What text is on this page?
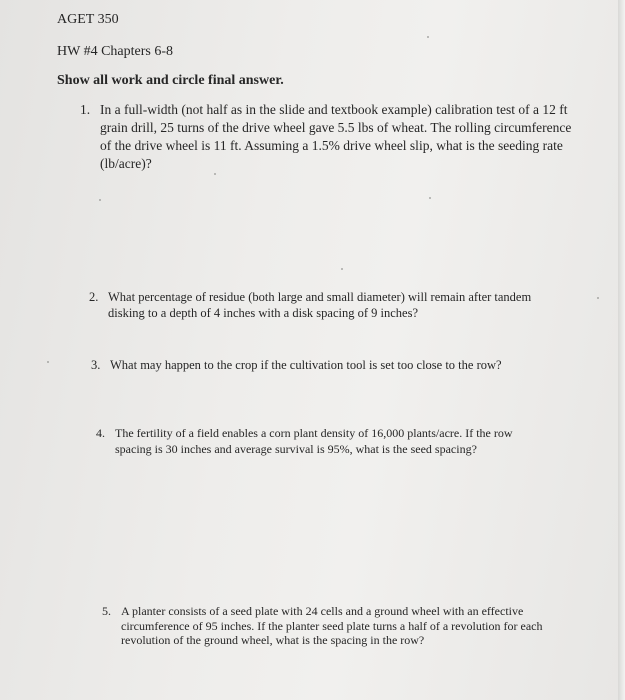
AGET 350
HW #4 Chapters 6-8
Show all work and circle final answer.
1. In a full-width (not half as in the slide and textbook example) calibration test of a 12 ft
grain drill, 25 turns of the drive wheel gave 5.5 lbs of wheat. The rolling circumference
of the drive wheel is 11 ft. Assuming a 1.5% drive wheel slip, what is the seeding rate
(lb/acre)?
2. What percentage of residue (both large and small diameter) will remain after tandem
disking to a depth of 4 inches with a disk spacing of 9 inches?
3. What may happen to the crop if the cultivation tool is set too close to the row?
4. The fertility of a field enables a corn plant density of 16,000 plants/acre. If the row
spacing is 30 inches and average survival is 95%, what is the seed spacing?
5. A planter consists of a seed plate with 24 cells and a ground wheel with an effective
circumference of 95 inches. If the planter seed plate turns a half of a revolution for each
revolution of the ground wheel, what is the spacing in the row?
